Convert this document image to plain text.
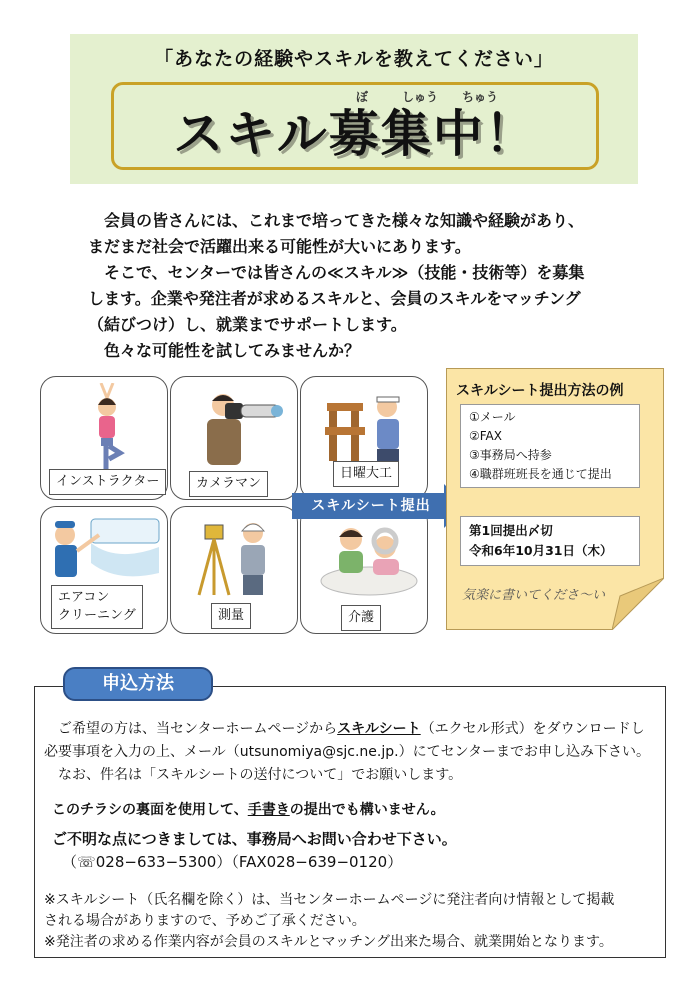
「あなたの経験やスキルを教えてください」
ぼ	しゅう ちゅう
スキル募集中！
会員の皆さんには、これまで培ってきた様々な知識や経験があり、
まだまだ社会で活躍出来る可能性が大いにあります。
そこで、センターでは皆さんの≪スキル≫（技能・技術等）を募集
します。企業や発注者が求めるスキルと、会員のスキルをマッチング
（結びつけ）し、就業までサポートします。
色々な可能性を試してみませんか？
インストラクター	カメラマン
日曜大工
エアコン
クリーニング	測量	介護
スキルシート提出
スキルシート提出方法の例
①メール
②FAX
③事務局へ持参
④職群班班長を通じて提出
第1回提出〆切
令和6年10月31日（木）
気楽に書いてくださ〜い
申込方法
ご希望の方は、当センターホームページからスキルシート（エクセル形式）をダウンロードし
必要事項を入力の上、メール（utsunomiya@sjc.ne.jp.）にてセンターまでお申し込み下さい。
なお、件名は「スキルシートの送付について」でお願いします。
このチラシの裏面を使用して、手書きの提出でも構いません。
ご不明な点につきましては、事務局へお問い合わせ下さい。
（☏028−633−5300）（FAX028−639−0120）
※スキルシート（氏名欄を除く）は、当センターホームページに発注者向け情報として掲載
される場合がありますので、予めご了承ください。
※発注者の求める作業内容が会員のスキルとマッチング出来た場合、就業開始となります。
